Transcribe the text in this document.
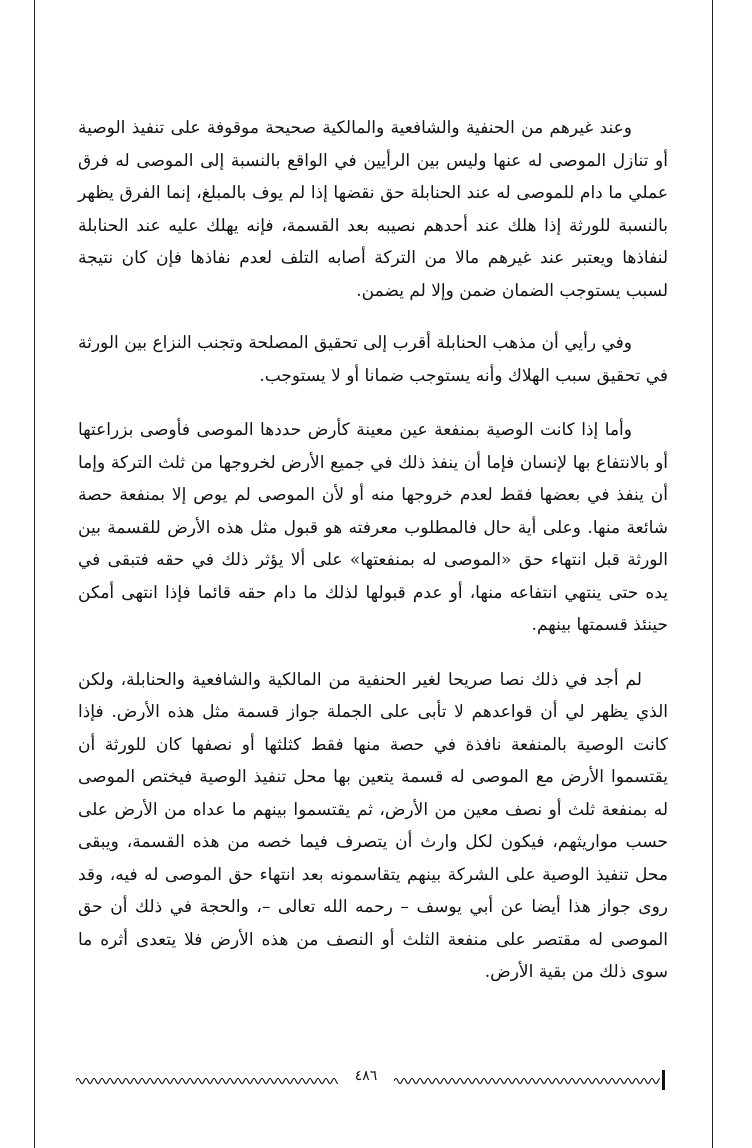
وعند غيرهم من الحنفية والشافعية والمالكية صحيحة موقوفة على تنفيذ الوصية أو تنازل الموصى له عنها وليس بين الرأيين في الواقع بالنسبة إلى الموصى له فرق عملي ما دام للموصى له عند الحنابلة حق نقضها إذا لم يوف بالمبلغ، إنما الفرق يظهر بالنسبة للورثة إذا هلك عند أحدهم نصيبه بعد القسمة، فإنه يهلك عليه عند الحنابلة لنفاذها ويعتبر عند غيرهم مالا من التركة أصابه التلف لعدم نفاذها فإن كان نتيجة لسبب يستوجب الضمان ضمن وإلا لم يضمن.

وفي رأيي أن مذهب الحنابلة أقرب إلى تحقيق المصلحة وتجنب النزاع بين الورثة في تحقيق سبب الهلاك وأنه يستوجب ضمانا أو لا يستوجب.

وأما إذا كانت الوصية بمنفعة عين معينة كأرض حددها الموصى فأوصى بزراعتها أو بالانتفاع بها لإنسان فإما أن ينفذ ذلك في جميع الأرض لخروجها من ثلث التركة وإما أن ينفذ في بعضها فقط لعدم خروجها منه أو لأن الموصى لم يوص إلا بمنفعة حصة شائعة منها. وعلى أية حال فالمطلوب معرفته هو قبول مثل هذه الأرض للقسمة بين الورثة قبل انتهاء حق «الموصى له بمنفعتها» على ألا يؤثر ذلك في حقه فتبقى في يده حتى ينتهي انتفاعه منها، أو عدم قبولها لذلك ما دام حقه قائما فإذا انتهى أمكن حينئذ قسمتها بينهم.

لم أجد في ذلك نصا صريحا لغير الحنفية من المالكية والشافعية والحنابلة، ولكن الذي يظهر لي أن قواعدهم لا تأبى على الجملة جواز قسمة مثل هذه الأرض. فإذا كانت الوصية بالمنفعة نافذة في حصة منها فقط كثلثها أو نصفها كان للورثة أن يقتسموا الأرض مع الموصى له قسمة يتعين بها محل تنفيذ الوصية فيختص الموصى له بمنفعة ثلث أو نصف معين من الأرض، ثم يقتسموا بينهم ما عداه من الأرض على حسب مواريثهم، فيكون لكل وارث أن يتصرف فيما خصه من هذه القسمة، ويبقى محل تنفيذ الوصية على الشركة بينهم يتقاسمونه بعد انتهاء حق الموصى له فيه، وقد روى جواز هذا أيضا عن أبي يوسف – رحمه الله تعالى –، والحجة في ذلك أن حق الموصى له مقتصر على منفعة الثلث أو النصف من هذه الأرض فلا يتعدى أثره ما سوى ذلك من بقية الأرض.

٤٨٦
